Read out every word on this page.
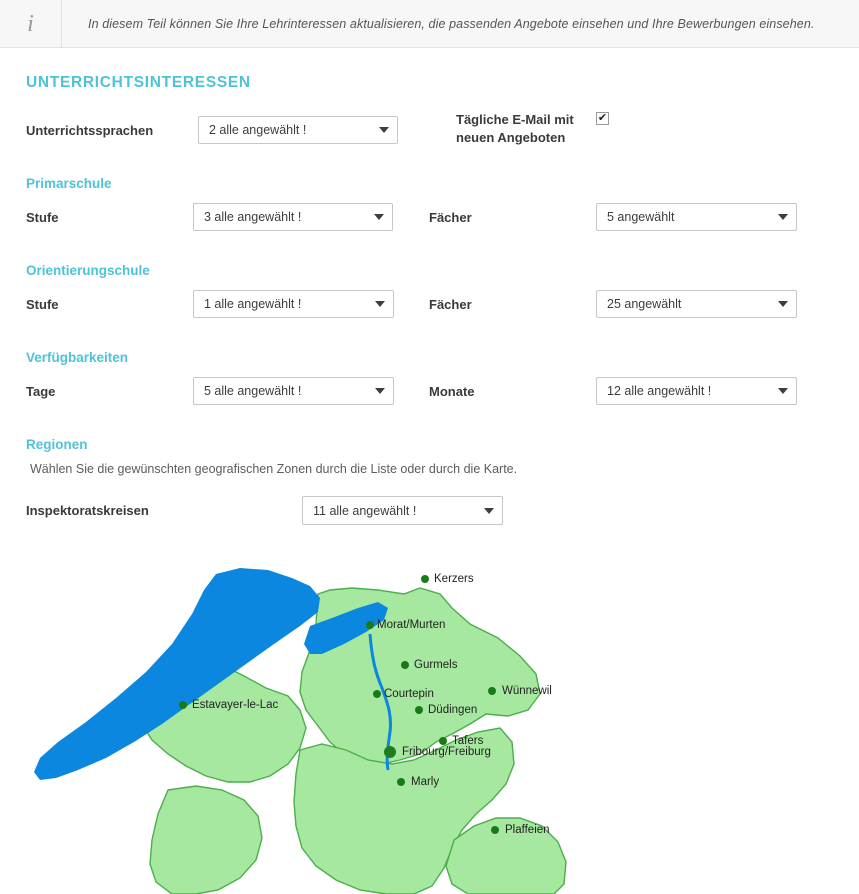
i	In diesem Teil können Sie Ihre Lehrinteressen aktualisieren, die passenden Angebote einsehen und Ihre Bewerbungen einsehen.
UNTERRICHTSINTERESSEN
Unterrichtssprachen	2 alle angewählt !
Tägliche E-Mail mit neuen Angeboten
✔
Primarschule
Stufe	3 alle angewählt !	Fächer	5 angewählt
Orientierungschule
Stufe	1 alle angewählt !	Fächer	25 angewählt
Verfügbarkeiten
Tage	5 alle angewählt !	Monate	12 alle angewählt !
Regionen
Wählen Sie die gewünschten geografischen Zonen durch die Liste oder durch die Karte.
Inspektoratskreisen	11 alle angewählt !
Kerzers
Morat/Murten
Gurmels
Courtepin	Wünnewil
Estavayer-le-Lac	Düdingen
Tafers
Fribourg/Freiburg
Marly
Plaffeien
